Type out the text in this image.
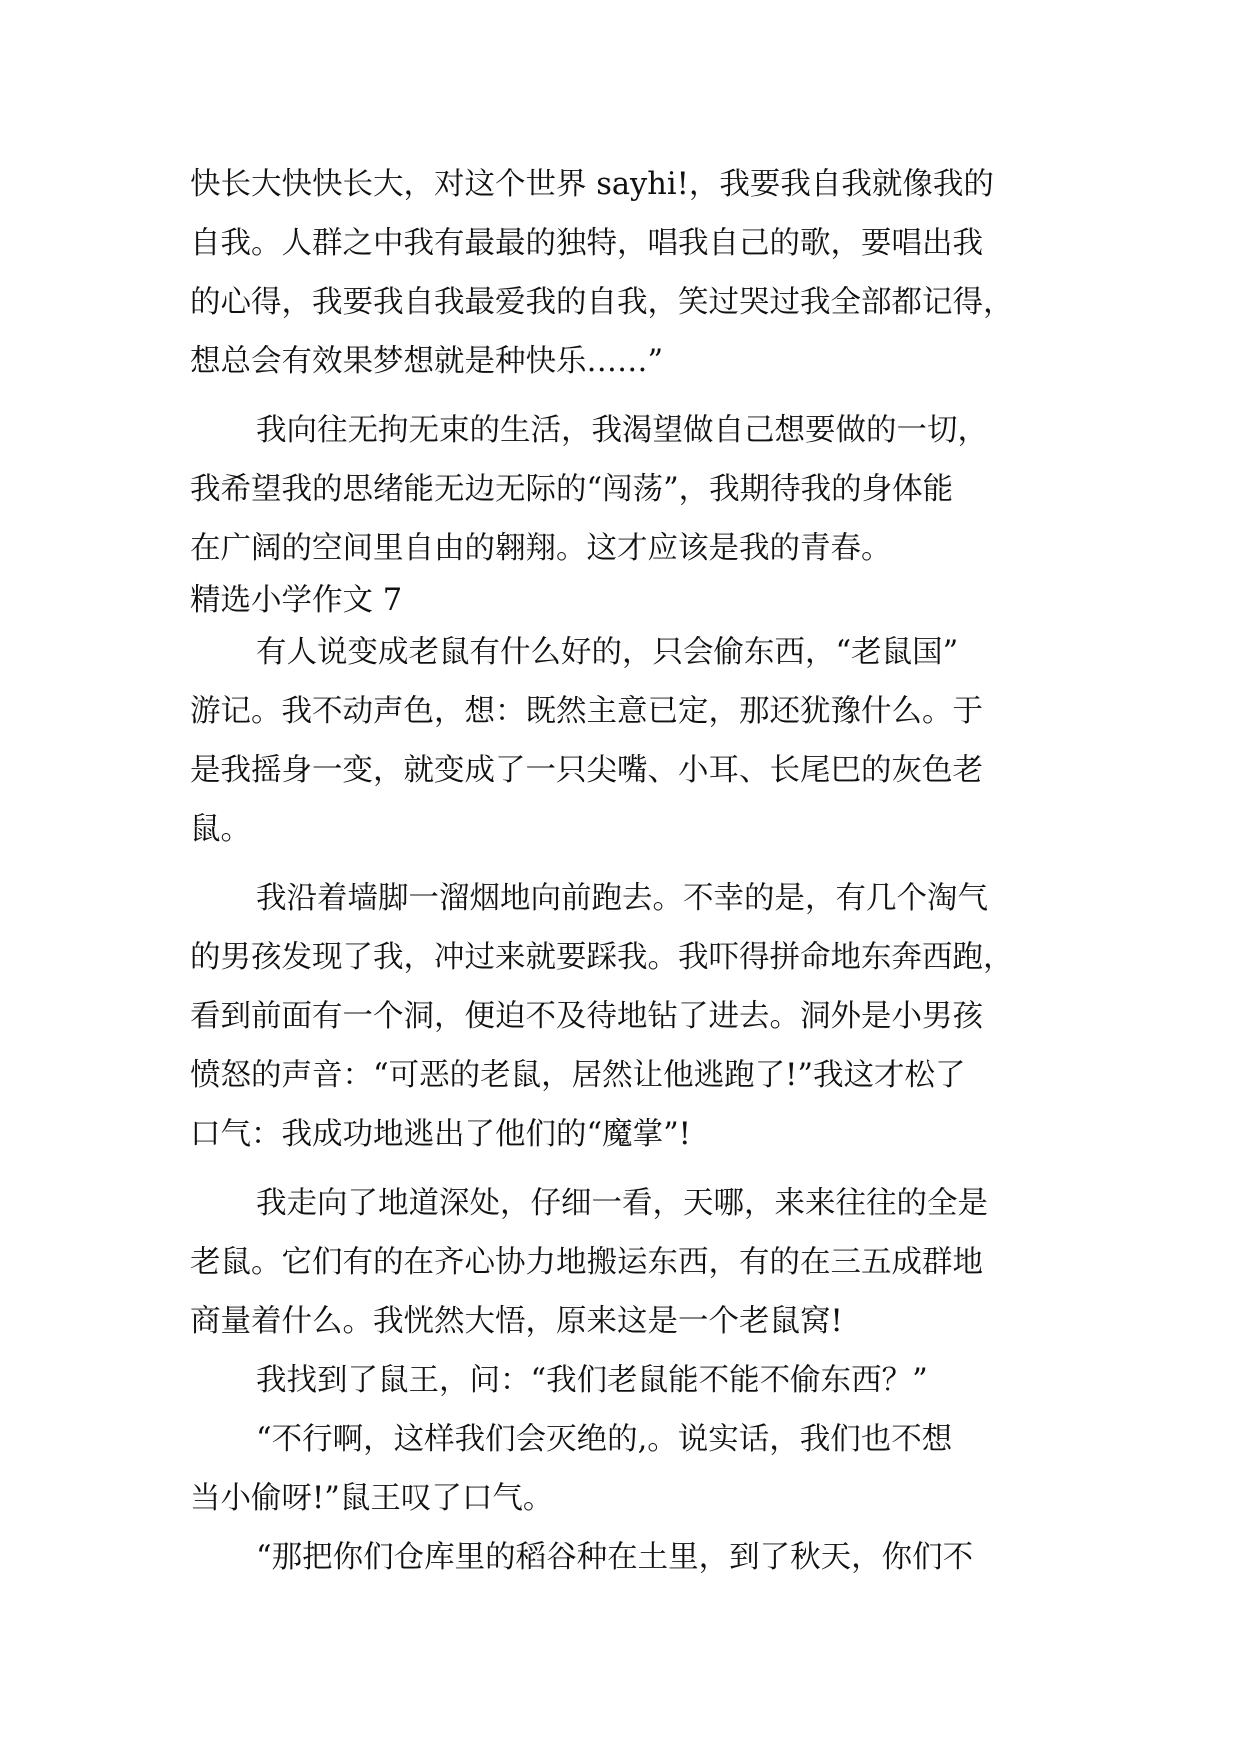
快长大快快长大，对这个世界 sayhi!，我要我自我就像我的
自我。人群之中我有最最的独特，唱我自己的歌，要唱出我
的心得，我要我自我最爱我的自我，笑过哭过我全部都记得，
想总会有效果梦想就是种快乐……”
我向往无拘无束的生活，我渴望做自己想要做的一切，
我希望我的思绪能无边无际的“闯荡”，我期待我的身体能
在广阔的空间里自由的翱翔。这才应该是我的青春。
精选小学作文 7
有人说变成老鼠有什么好的，只会偷东西，“老鼠国”
游记。我不动声色，想：既然主意已定，那还犹豫什么。于
是我摇身一变，就变成了一只尖嘴、小耳、长尾巴的灰色老
鼠。
我沿着墙脚一溜烟地向前跑去。不幸的是，有几个淘气
的男孩发现了我，冲过来就要踩我。我吓得拼命地东奔西跑，
看到前面有一个洞，便迫不及待地钻了进去。洞外是小男孩
愤怒的声音：“可恶的老鼠，居然让他逃跑了!”我这才松了
口气：我成功地逃出了他们的“魔掌”!
我走向了地道深处，仔细一看，天哪，来来往往的全是
老鼠。它们有的在齐心协力地搬运东西，有的在三五成群地
商量着什么。我恍然大悟，原来这是一个老鼠窝!
我找到了鼠王，问：“我们老鼠能不能不偷东西？”
“不行啊，这样我们会灭绝的,。说实话，我们也不想
当小偷呀!”鼠王叹了口气。
“那把你们仓库里的稻谷种在土里，到了秋天，你们不
